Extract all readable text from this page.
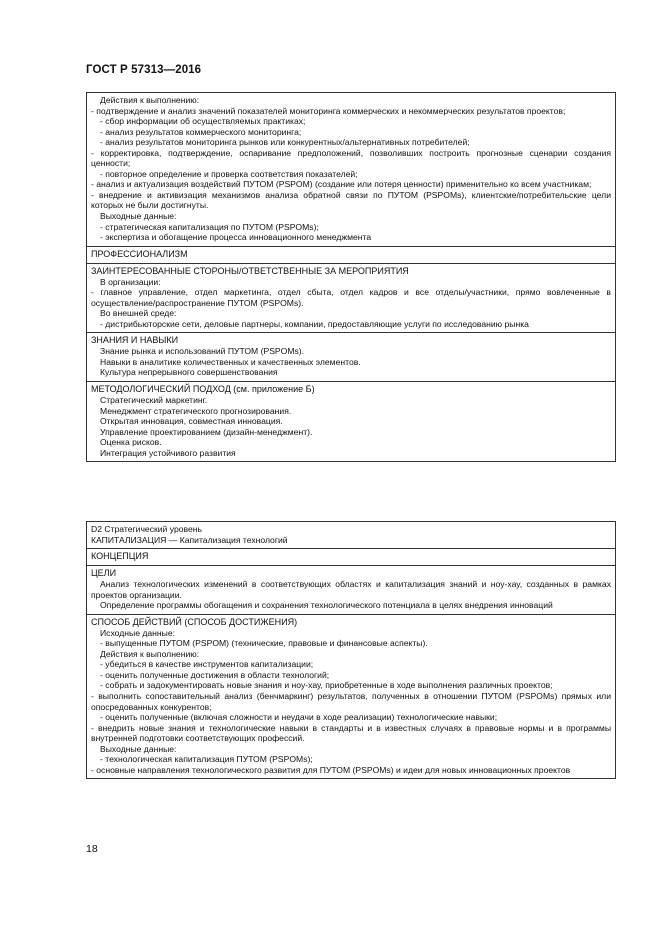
ГОСТ Р 57313—2016
Действия к выполнению:
- подтверждение и анализ значений показателей мониторинга коммерческих и некоммерческих результатов проектов;
- сбор информации об осуществляемых практиках;
- анализ результатов коммерческого мониторинга;
- анализ результатов мониторинга рынков или конкурентных/альтернативных потребителей;
- корректировка, подтверждение, оспаривание предположений, позволивших построить прогнозные сценарии создания ценности;
- повторное определение и проверка соответствия показателей;
- анализ и актуализация воздействий ПУТОМ (PSPOM) (создание или потеря ценности) применительно ко всем участникам;
- внедрение и активизация механизмов анализа обратной связи по ПУТОМ (PSPOMs), клиентские/потребительские цели которых не были достигнуты.
Выходные данные:
- стратегическая капитализация по ПУТОМ (PSPOMs);
- экспертиза и обогащение процесса инновационного менеджмента
ПРОФЕССИОНАЛИЗМ
ЗАИНТЕРЕСОВАННЫЕ СТОРОНЫ/ОТВЕТСТВЕННЫЕ ЗА МЕРОПРИЯТИЯ
В организации:
- главное управление, отдел маркетинга, отдел сбыта, отдел кадров и все отделы/участники, прямо вовлеченные в осуществление/распространение ПУТОМ (PSPOMs).
Во внешней среде:
- дистрибьюторские сети, деловые партнеры, компании, предоставляющие услуги по исследованию рынка
ЗНАНИЯ И НАВЫКИ
Знание рынка и использований ПУТОМ (PSPOMs).
Навыки в аналитике количественных и качественных элементов.
Культура непрерывного совершенствования
МЕТОДОЛОГИЧЕСКИЙ ПОДХОД (см. приложение Б)
Стратегический маркетинг.
Менеджмент стратегического прогнозирования.
Открытая инновация, совместная инновация.
Управление проектированием (дизайн-менеджмент).
Оценка рисков.
Интеграция устойчивого развития
D2 Стратегический уровень
КАПИТАЛИЗАЦИЯ — Капитализация технологий
КОНЦЕПЦИЯ
ЦЕЛИ
Анализ технологических изменений в соответствующих областях и капитализация знаний и ноу-хау, созданных в рамках проектов организации.
Определение программы обогащения и сохранения технологического потенциала в целях внедрения инноваций
СПОСОБ ДЕЙСТВИЙ (СПОСОБ ДОСТИЖЕНИЯ)
Исходные данные:
- выпущенные ПУТОМ (PSPOM) (технические, правовые и финансовые аспекты).
Действия к выполнению:
- убедиться в качестве инструментов капитализации;
- оценить полученные достижения в области технологий;
- собрать и задокументировать новые знания и ноу-хау, приобретенные в ходе выполнения различных проектов;
- выполнить сопоставительный анализ (бенчмаркинг) результатов, полученных в отношении ПУТОМ (PSPOMs) прямых или опосредованных конкурентов;
- оценить полученные (включая сложности и неудачи в ходе реализации) технологические навыки;
- внедрить новые знания и технологические навыки в стандарты и в известных случаях в правовые нормы и в программы внутренней подготовки соответствующих профессий.
Выходные данные:
- технологическая капитализация ПУТОМ (PSPOMs);
- основные направления технологического развития для ПУТОМ (PSPOMs) и идеи для новых инновационных проектов
18
